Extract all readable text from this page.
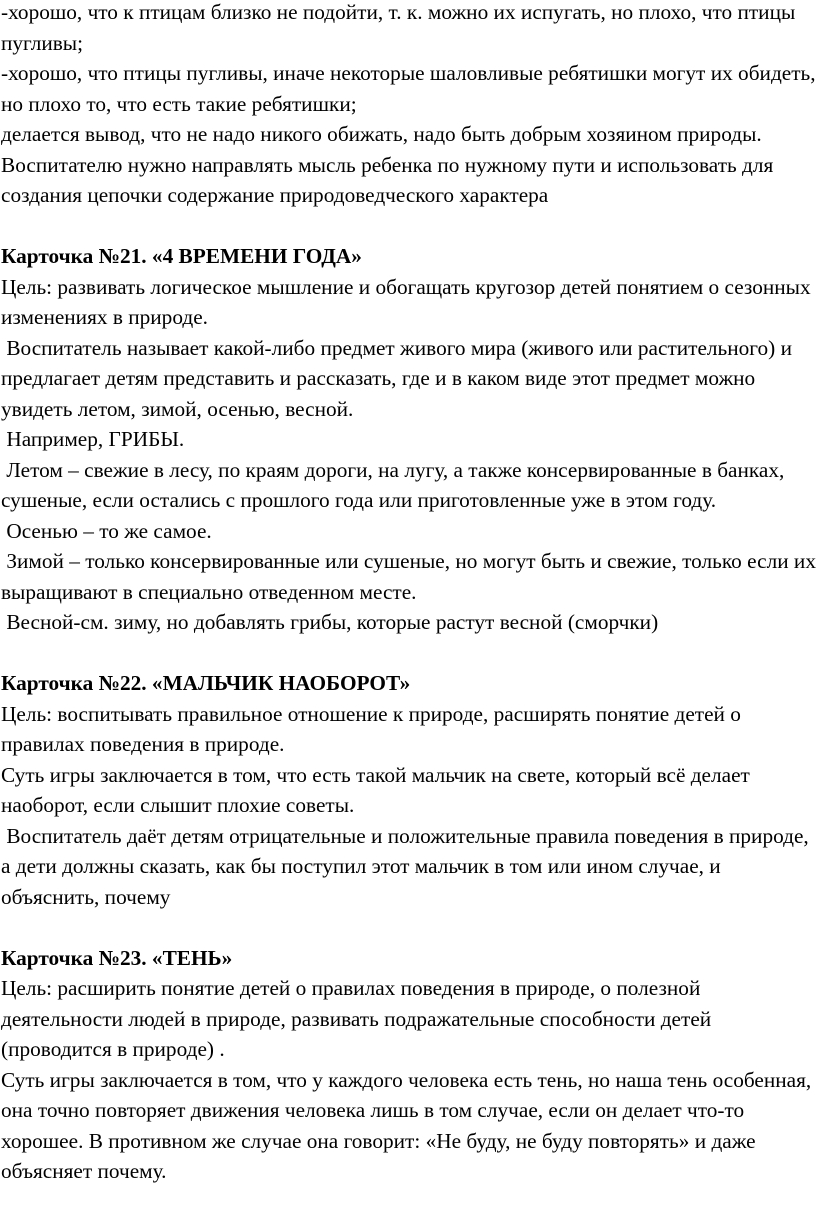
-хорошо, что к птицам близко не подойти, т. к. можно их испугать, но плохо, что птицы пугливы;

-хорошо, что птицы пугливы, иначе некоторые шаловливые ребятишки могут их обидеть, но плохо то, что есть такие ребятишки;

делается вывод, что не надо никого обижать, надо быть добрым хозяином природы. Воспитателю нужно направлять мысль ребенка по нужному пути и использовать для создания цепочки содержание природоведческого характера

Карточка №21. «4 ВРЕМЕНИ ГОДА»

Цель: развивать логическое мышление и обогащать кругозор детей понятием о сезонных изменениях в природе.

Воспитатель называет какой-либо предмет живого мира (живого или растительного) и предлагает детям представить и рассказать, где и в каком виде этот предмет можно увидеть летом, зимой, осенью, весной.

Например, ГРИБЫ.

Летом – свежие в лесу, по краям дороги, на лугу, а также консервированные в банках, сушеные, если остались с прошлого года или приготовленные уже в этом году.

Осенью – то же самое.

Зимой – только консервированные или сушеные, но могут быть и свежие, только если их выращивают в специально отведенном месте.

Весной-см. зиму, но добавлять грибы, которые растут весной (сморчки)

Карточка №22. «МАЛЬЧИК НАОБОРОТ»

Цель: воспитывать правильное отношение к природе, расширять понятие детей о правилах поведения в природе.

Суть игры заключается в том, что есть такой мальчик на свете, который всё делает наоборот, если слышит плохие советы.

Воспитатель даёт детям отрицательные и положительные правила поведения в природе, а дети должны сказать, как бы поступил этот мальчик в том или ином случае, и объяснить, почему

Карточка №23. «ТЕНЬ»

Цель: расширить понятие детей о правилах поведения в природе, о полезной деятельности людей в природе, развивать подражательные способности детей (проводится в природе) .

Суть игры заключается в том, что у каждого человека есть тень, но наша тень особенная, она точно повторяет движения человека лишь в том случае, если он делает что-то хорошее. В противном же случае она говорит: «Не буду, не буду повторять» и даже объясняет почему.
